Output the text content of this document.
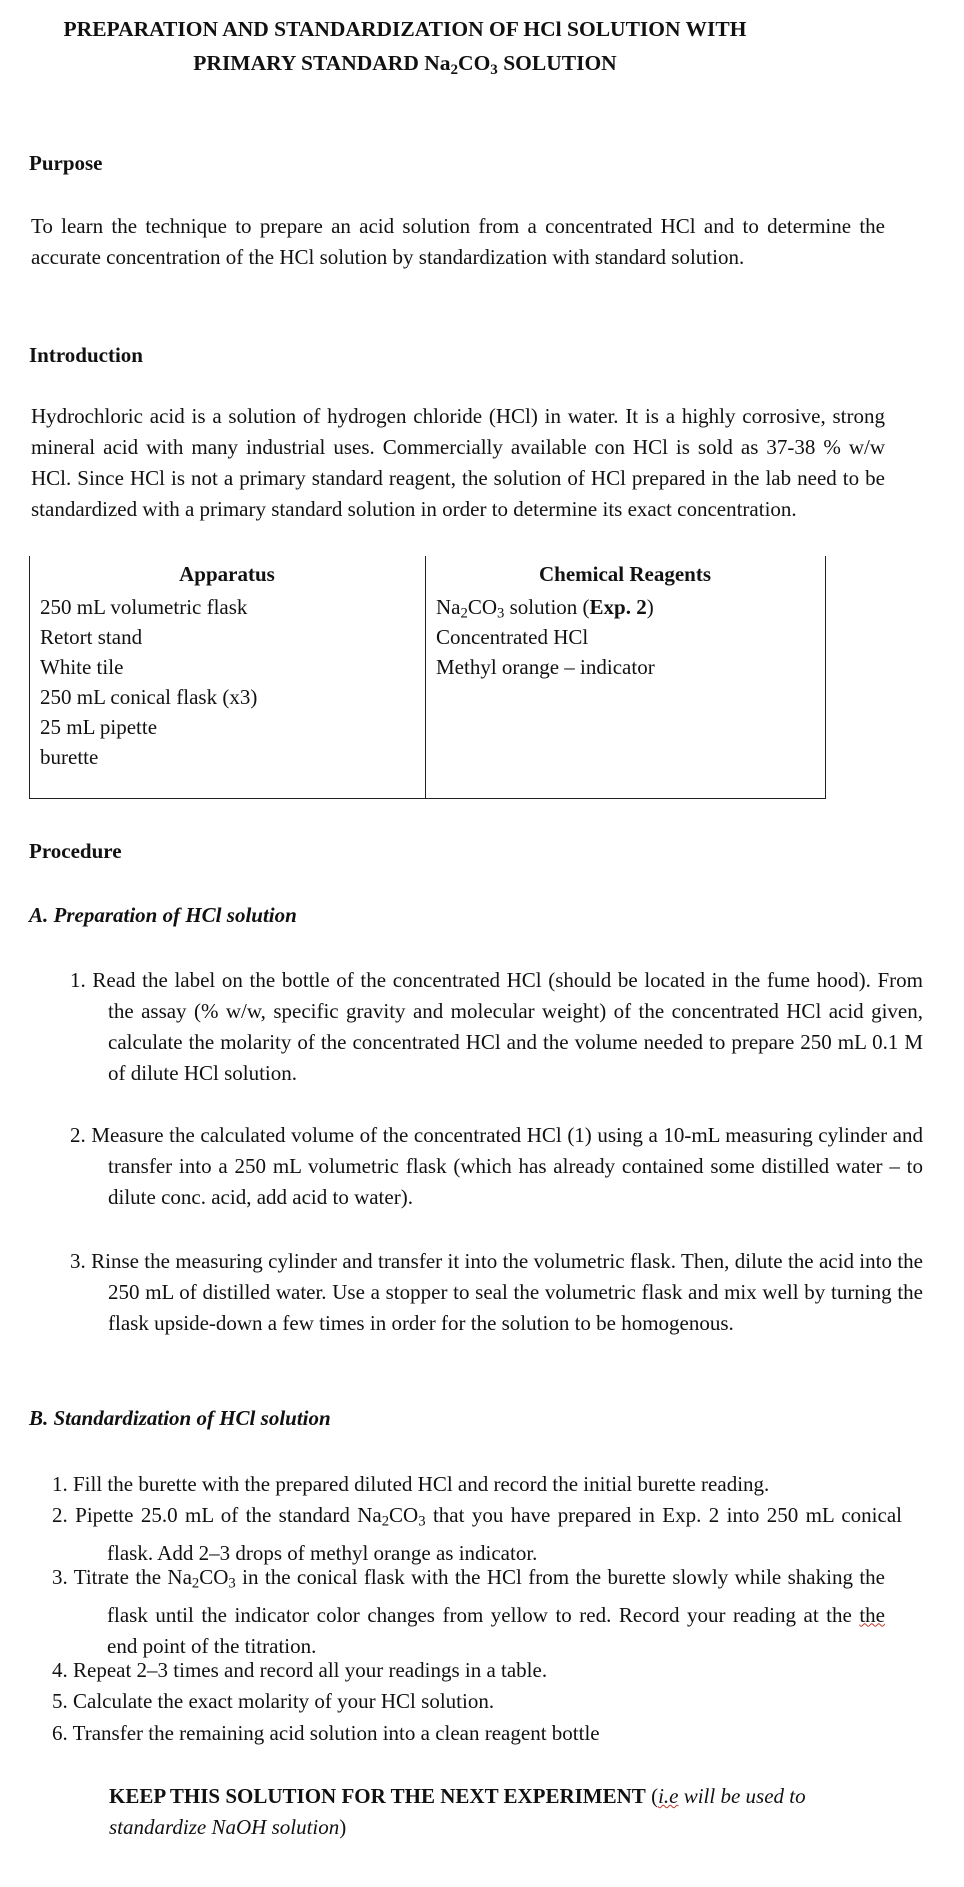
PREPARATION AND STANDARDIZATION OF HCl SOLUTION WITH

PRIMARY STANDARD $Na_2CO_3$ SOLUTION

Purpose

To learn the technique to prepare an acid solution from a concentrated HCl and to determine the accurate concentration of the HCl solution by standardization with standard solution.

Introduction

Hydrochloric acid is a solution of hydrogen chloride (HCl) in water. It is a highly corrosive, strong mineral acid with many industrial uses. Commercially available con HCl is sold as 37-38 % w/w HCl. Since HCl is not a primary standard reagent, the solution of HCl prepared in the lab need to be standardized with a primary standard solution in order to determine its exact concentration.

Apparatus	Chemical Reagents

250 mL volumetric flask

Retort stand

White tile

250 mL conical flask (x3)

25 mL pipette

burette

$Na_2CO_3$ solution (Exp. 2)

Concentrated HCl

Methyl orange – indicator

Procedure

A. Preparation of HCl solution

1. Read the label on the bottle of the concentrated HCl (should be located in the fume hood). From the assay (% w/w, specific gravity and molecular weight) of the concentrated HCl acid given, calculate the molarity of the concentrated HCl and the volume needed to prepare 250 mL 0.1 M of dilute HCl solution.

2. Measure the calculated volume of the concentrated HCl (1) using a 10-mL measuring cylinder and transfer into a 250 mL volumetric flask (which has already contained some distilled water – to dilute conc. acid, add acid to water).

3. Rinse the measuring cylinder and transfer it into the volumetric flask. Then, dilute the acid into the 250 mL of distilled water. Use a stopper to seal the volumetric flask and mix well by turning the flask upside-down a few times in order for the solution to be homogenous.

B. Standardization of HCl solution

1. Fill the burette with the prepared diluted HCl and record the initial burette reading.

2. Pipette 25.0 mL of the standard $Na_2CO_3$ that you have prepared in Exp. 2 into 250 mL conical flask. Add 2–3 drops of methyl orange as indicator.

3. Titrate the $Na_2CO_3$ in the conical flask with the HCl from the burette slowly while shaking the flask until the indicator color changes from yellow to red. Record your reading at the the end point of the titration.

4. Repeat 2–3 times and record all your readings in a table.

5. Calculate the exact molarity of your HCl solution.

6. Transfer the remaining acid solution into a clean reagent bottle

KEEP THIS SOLUTION FOR THE NEXT EXPERIMENT (i.e will be used to standardize NaOH solution)
